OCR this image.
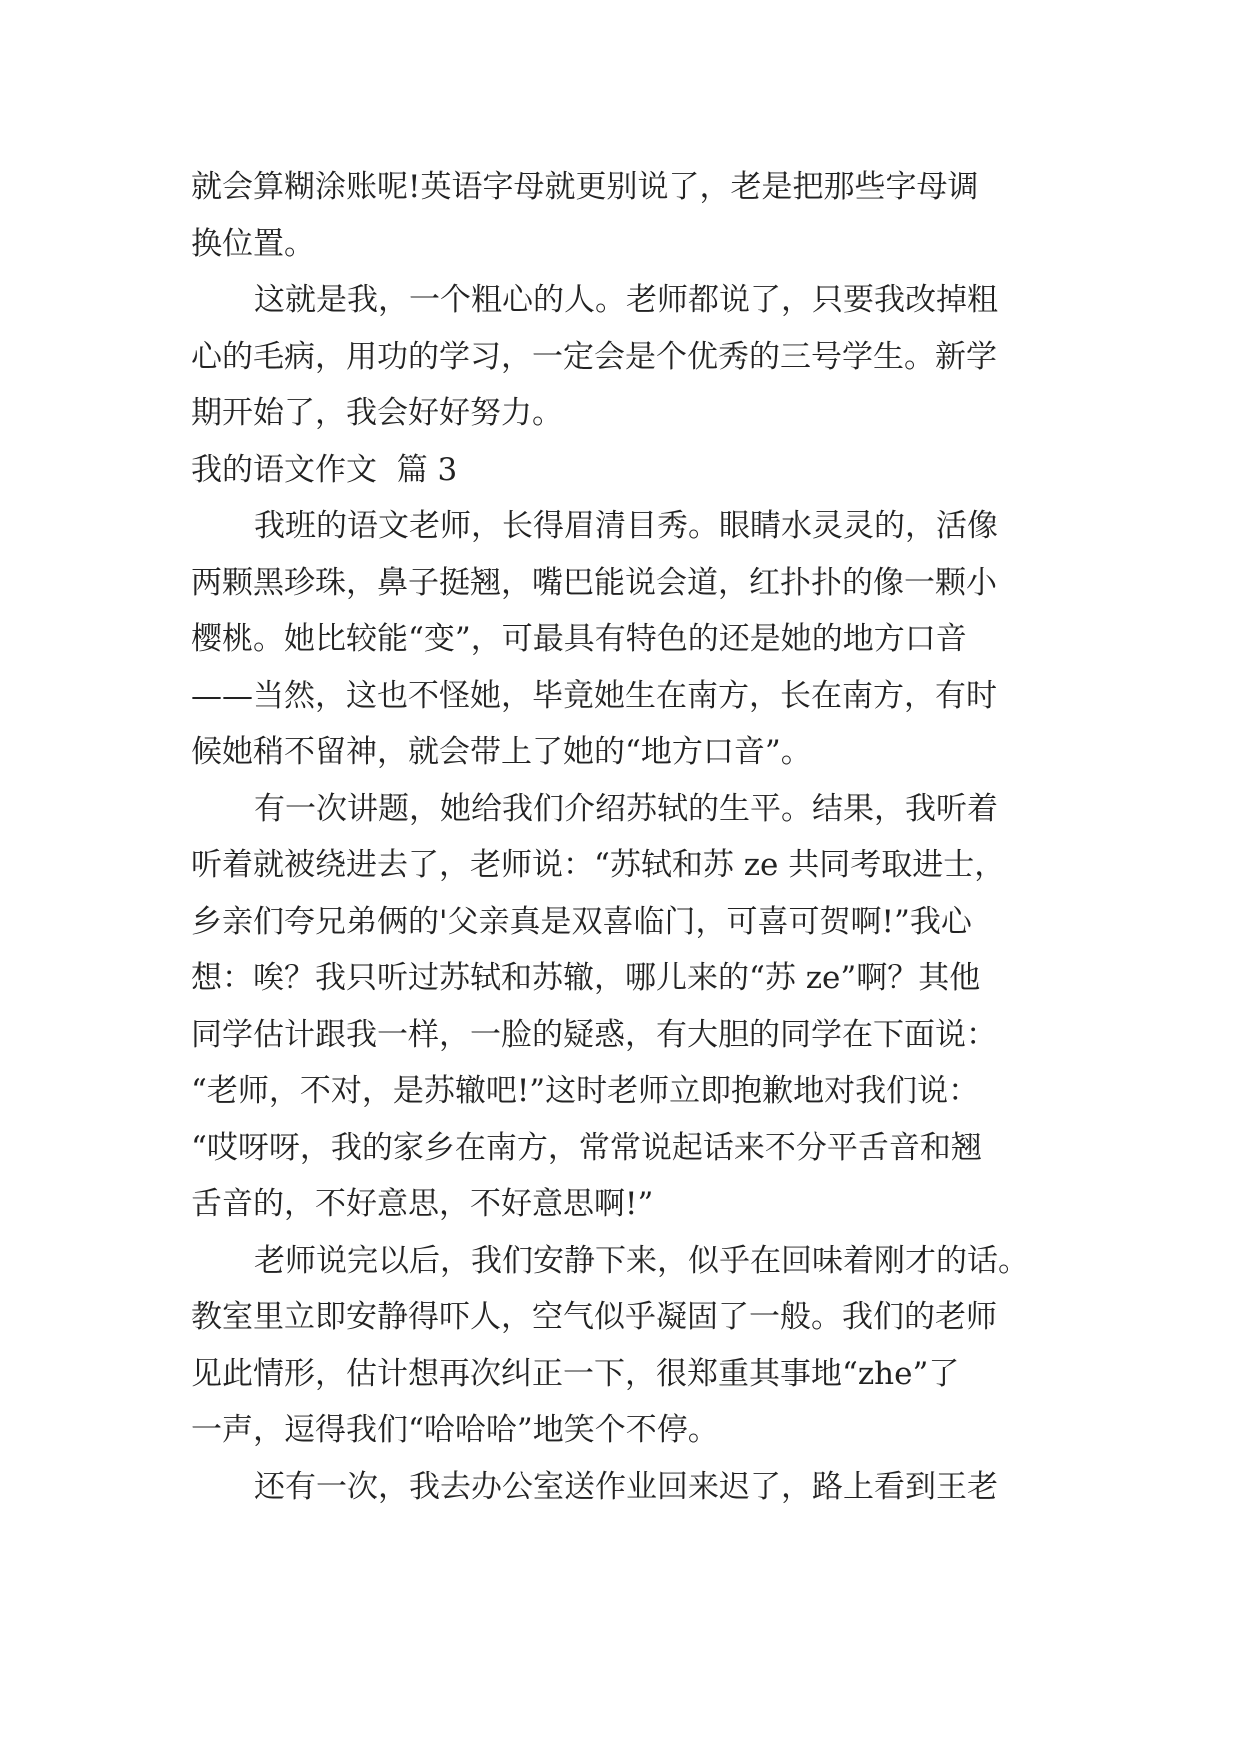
就会算糊涂账呢!英语字母就更别说了，老是把那些字母调
换位置。
这就是我，一个粗心的人。老师都说了，只要我改掉粗
心的毛病，用功的学习，一定会是个优秀的三号学生。新学
期开始了，我会好好努力。
我的语文作文  篇 3
我班的语文老师，长得眉清目秀。眼睛水灵灵的，活像
两颗黑珍珠，鼻子挺翘，嘴巴能说会道，红扑扑的像一颗小
樱桃。她比较能“变”，可最具有特色的还是她的地方口音
——当然，这也不怪她，毕竟她生在南方，长在南方，有时
候她稍不留神，就会带上了她的“地方口音”。
有一次讲题，她给我们介绍苏轼的生平。结果，我听着
听着就被绕进去了，老师说：“苏轼和苏 ze 共同考取进士，
乡亲们夸兄弟俩的'父亲真是双喜临门，可喜可贺啊!”我心
想：唉？我只听过苏轼和苏辙，哪儿来的“苏 ze”啊？其他
同学估计跟我一样，一脸的疑惑，有大胆的同学在下面说：
“老师，不对，是苏辙吧!”这时老师立即抱歉地对我们说：
“哎呀呀，我的家乡在南方，常常说起话来不分平舌音和翘
舌音的，不好意思，不好意思啊!”
老师说完以后，我们安静下来，似乎在回味着刚才的话。
教室里立即安静得吓人，空气似乎凝固了一般。我们的老师
见此情形，估计想再次纠正一下，很郑重其事地“zhe”了
一声，逗得我们“哈哈哈”地笑个不停。
还有一次，我去办公室送作业回来迟了，路上看到王老
